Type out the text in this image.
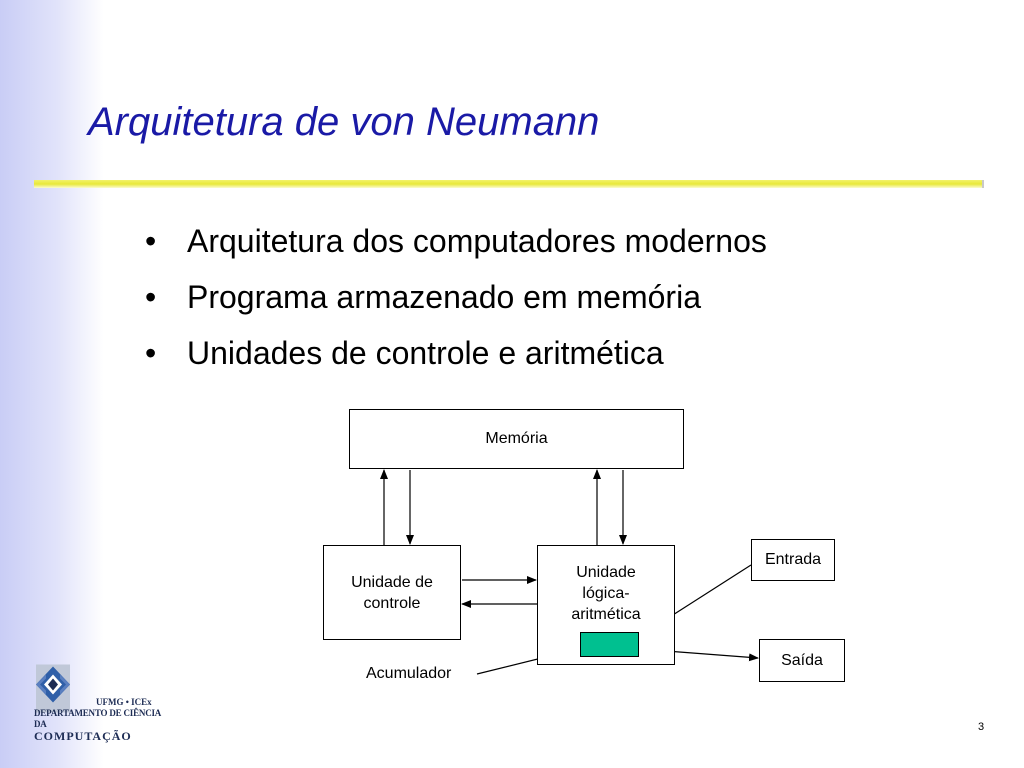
Arquitetura de von Neumann
• Arquitetura dos computadores modernos
• Programa armazenado em memória
• Unidades de controle e aritmética
Memória
Unidade de
controle
Unidade
lógica-
aritmética
Entrada
Saída
Acumulador
UFMG • ICEx
DEPARTAMENTO DE CIÊNCIA DA
COMPUTAÇÃO
3
